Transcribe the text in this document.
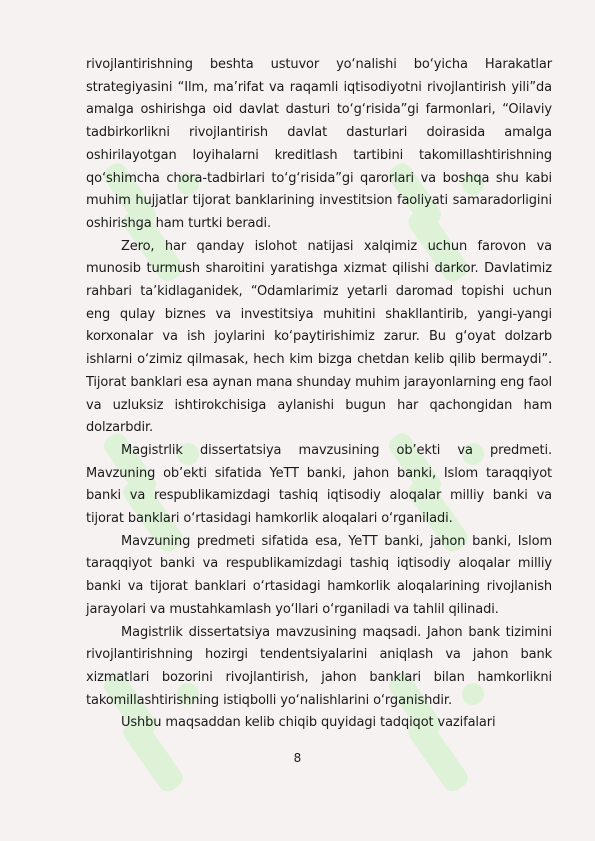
rivojlantirishning beshta ustuvor yo‘nalishi bo‘yicha Harakatlar strategiyasini “Ilm, ma’rifat va raqamli iqtisodiyotni rivojlantirish yili”da amalga oshirishga oid davlat dasturi to‘g‘risida”gi farmonlari, “Oilaviy tadbirkorlikni rivojlantirish davlat dasturlari doirasida amalga oshirilayotgan loyihalarni kreditlash tartibini takomillashtirishning qo‘shimcha chora-tadbirlari to‘g‘risida”gi qarorlari va boshqa shu kabi muhim hujjatlar tijorat banklarining investitsion faoliyati samaradorligini oshirishga ham turtki beradi.

Zero, har qanday islohot natijasi xalqimiz uchun farovon va munosib turmush sharoitini yaratishga xizmat qilishi darkor. Davlatimiz rahbari ta’kidlaganidek, “Odamlarimiz yetarli daromad topishi uchun eng qulay biznes va investitsiya muhitini shakllantirib, yangi-yangi korxonalar va ish joylarini ko‘paytirishimiz zarur. Bu g‘oyat dolzarb ishlarni o‘zimiz qilmasak, hech kim bizga chetdan kelib qilib bermaydi”. Tijorat banklari esa aynan mana shunday muhim jarayonlarning eng faol va uzluksiz ishtirokchisiga aylanishi bugun har qachongidan ham dolzarbdir.

Magistrlik dissertatsiya mavzusining ob’ekti va predmeti. Mavzuning ob’ekti sifatida YeTT banki, jahon banki, Islom taraqqiyot banki va respublikamizdagi tashiq iqtisodiy aloqalar milliy banki va tijorat banklari o‘rtasidagi hamkorlik aloqalari o‘rganiladi.

Mavzuning predmeti sifatida esa, YeTT banki, jahon banki, Islom taraqqiyot banki va respublikamizdagi tashiq iqtisodiy aloqalar milliy banki va tijorat banklari o‘rtasidagi hamkorlik aloqalarining rivojlanish jarayolari va mustahkamlash yo‘llari o‘rganiladi va tahlil qilinadi.

Magistrlik dissertatsiya mavzusining maqsadi. Jahon bank tizimini rivojlantirishning hozirgi tendentsiyalarini aniqlash va jahon bank xizmatlari bozorini rivojlantirish, jahon banklari bilan hamkorlikni takomillashtirishning istiqbolli yo‘nalishlarini o‘rganishdir.

Ushbu maqsaddan kelib chiqib quyidagi tadqiqot vazifalari

8
